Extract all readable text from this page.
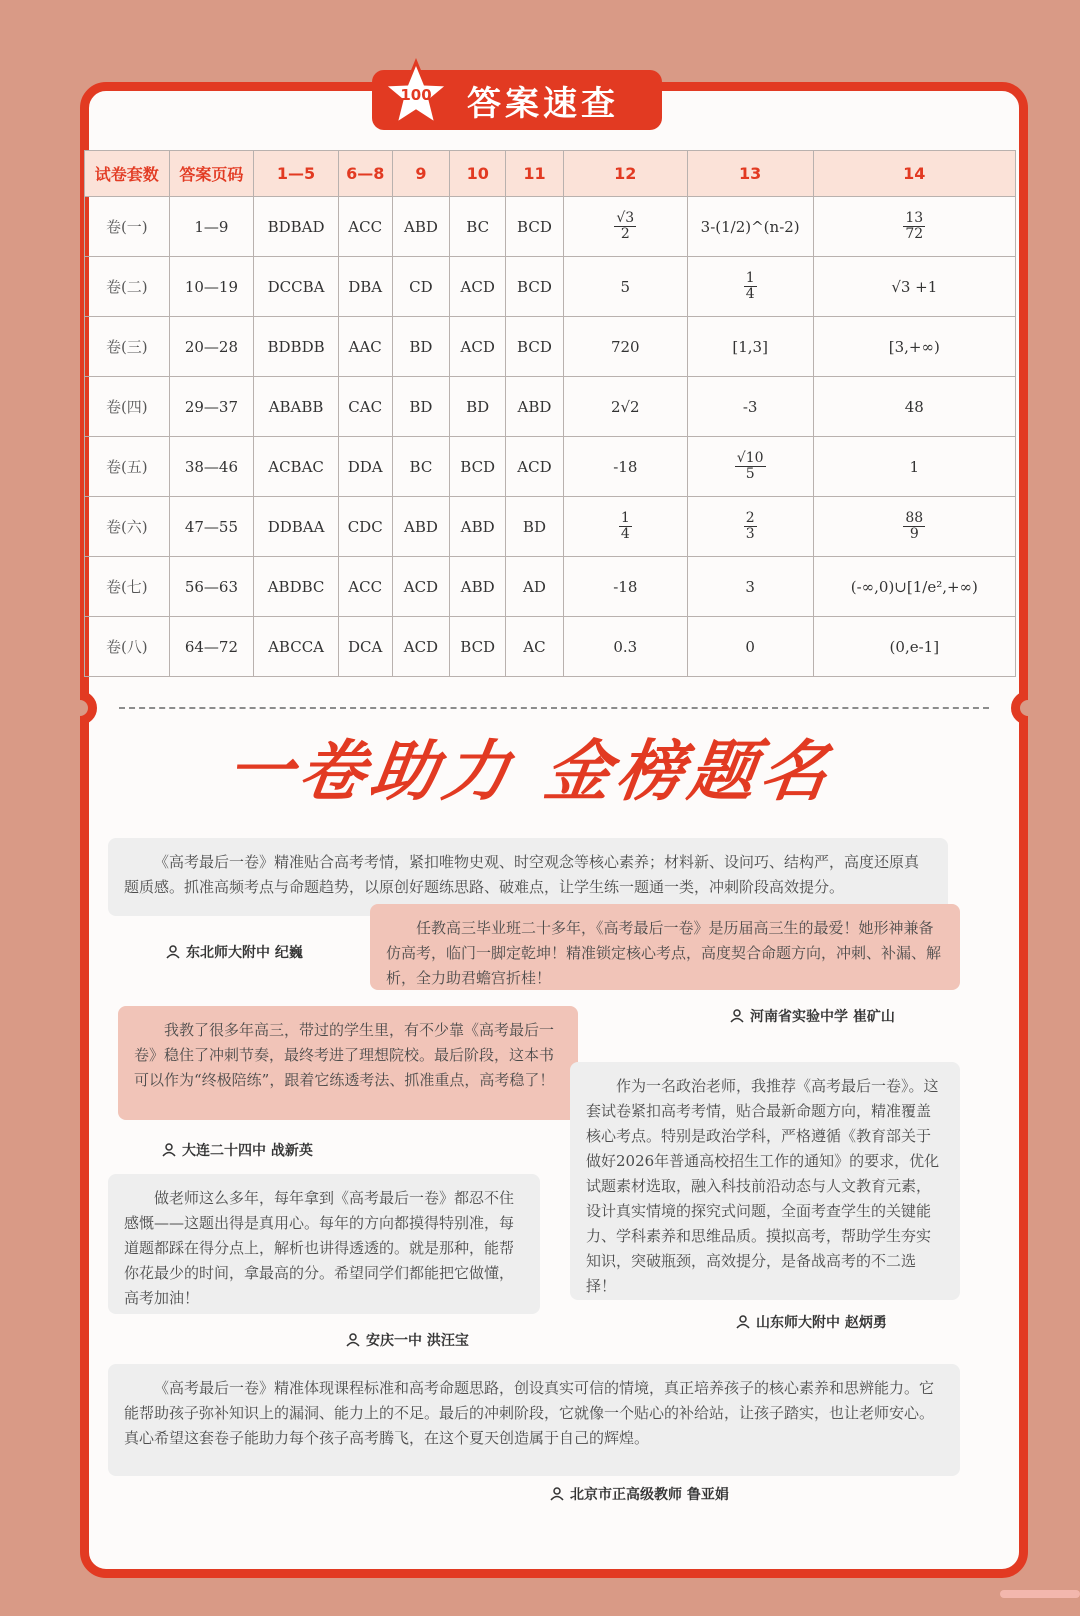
答案速查
100
试卷套数	答案页码	1—5	6—8	9	10	11	12	13	14
卷(一)	1—9	BDBAD	ACC	ABD	BC	BCD	$\frac{√3}{2}$	3-(1/2)^(n-2)	$\frac{13}{72}$

卷(二)	10—19	DCCBA	DBA	CD	ACD	BCD	5	$\frac{1}{4}$	√3 +1
卷(三)	20—28	BDBDB	AAC	BD	ACD	BCD	720	[1,3]	[3,+∞)
卷(四)	29—37	ABABB	CAC	BD	BD	ABD	2√2	-3	48
卷(五)	38—46	ACBAC	DDA	BC	BCD	ACD	-18	$\frac{√10}{5}$	1
卷(六)	47—55	DDBAA	CDC	ABD	ABD	BD	$\frac{1}{4}$	$\frac{2}{3}$	$\frac{88}{9}$

卷(七)	56—63	ABDBC	ACC	ACD	ABD	AD	-18	3	(-∞,0)∪[1/e²,+∞)
卷(八)	64—72	ABCCA	DCA	ACD	BCD	AC	0.3	0	(0,e-1]
一卷助力 金榜题名
《高考最后一卷》精准贴合高考考情，紧扣唯物史观、时空观念等核心素养；材料新、设问巧、结构严，高度还原真题质感。抓准高频考点与命题趋势，以原创好题练思路、破难点，让学生练一题通一类，冲刺阶段高效提分。
东北师大附中 纪巍
任教高三毕业班二十多年，《高考最后一卷》是历届高三生的最爱！她形神兼备仿高考，临门一脚定乾坤！精准锁定核心考点，高度契合命题方向，冲刺、补漏、解析，全力助君蟾宫折桂！
河南省实验中学 崔矿山
我教了很多年高三，带过的学生里，有不少靠《高考最后一卷》稳住了冲刺节奏，最终考进了理想院校。最后阶段，这本书可以作为“终极陪练”，跟着它练透考法、抓准重点，高考稳了！
大连二十四中 战新英
作为一名政治老师，我推荐《高考最后一卷》。这套试卷紧扣高考考情，贴合最新命题方向，精准覆盖核心考点。特别是政治学科，严格遵循《教育部关于做好2026年普通高校招生工作的通知》的要求，优化试题素材选取，融入科技前沿动态与人文教育元素，设计真实情境的探究式问题，全面考查学生的关键能力、学科素养和思维品质。摸拟高考，帮助学生夯实知识，突破瓶颈，高效提分，是备战高考的不二选择！
山东师大附中 赵炳勇
做老师这么多年，每年拿到《高考最后一卷》都忍不住感慨——这题出得是真用心。每年的方向都摸得特别准，每道题都踩在得分点上，解析也讲得透透的。就是那种，能帮你花最少的时间，拿最高的分。希望同学们都能把它做懂，高考加油！
安庆一中 洪汪宝
《高考最后一卷》精准体现课程标准和高考命题思路，创设真实可信的情境，真正培养孩子的核心素养和思辨能力。它能帮助孩子弥补知识上的漏洞、能力上的不足。最后的冲刺阶段，它就像一个贴心的补给站，让孩子踏实，也让老师安心。真心希望这套卷子能助力每个孩子高考腾飞，在这个夏天创造属于自己的辉煌。
北京市正高级教师 鲁亚娟
